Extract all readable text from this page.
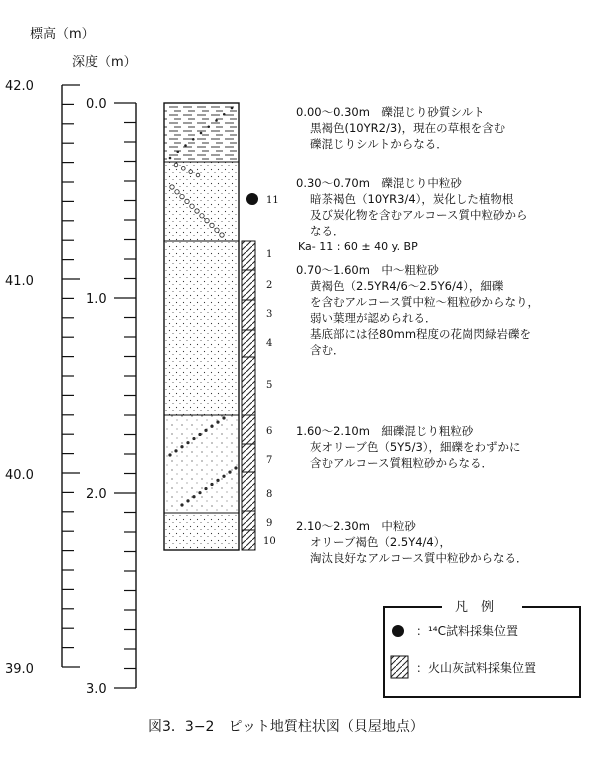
標高（m）
深度（m）
42.0
41.0
40.0
39.0
0.0
1.0
2.0
3.0
1
2
3
4
5
6
7
8
9
10
11
凡　例
：¹⁴C試料採集位置
：火山灰試料採集位置
0.00〜0.30m  礫混じり砂質シルト
黒褐色(10YR2/3)，現在の草根を含む
礫混じりシルトからなる．
0.30〜0.70m  礫混じり中粒砂
暗茶褐色（10YR3/4），炭化した植物根
及び炭化物を含むアルコース質中粒砂から
なる．
Ka- 11 : 60 ± 40 y. BP
0.70〜1.60m  中〜粗粒砂
黄褐色（2.5YR4/6〜2.5Y6/4），細礫
を含むアルコース質中粒〜粗粒砂からなり，
弱い葉理が認められる．
基底部には径80mm程度の花崗閃緑岩礫を
含む．
1.60〜2.10m  細礫混じり粗粒砂
灰オリーブ色（5Y5/3），細礫をわずかに
含むアルコース質粗粒砂からなる．
2.10〜2.30m  中粒砂
オリーブ褐色（2.5Y4/4），
淘汰良好なアルコース質中粒砂からなる．
図3．3−2　ピット地質柱状図（貝屋地点）
